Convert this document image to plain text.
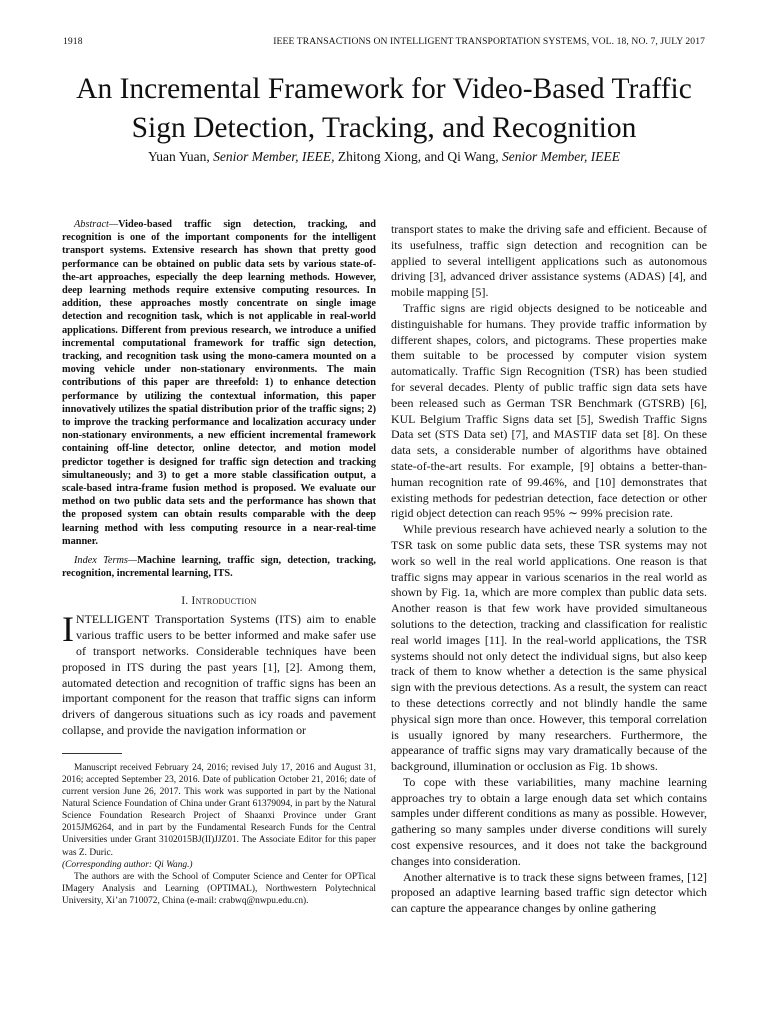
1918	IEEE TRANSACTIONS ON INTELLIGENT TRANSPORTATION SYSTEMS, VOL. 18, NO. 7, JULY 2017
An Incremental Framework for Video-Based Traffic
Sign Detection, Tracking, and Recognition
Yuan Yuan, Senior Member, IEEE, Zhitong Xiong, and Qi Wang, Senior Member, IEEE

Abstract—Video-based traffic sign detection, tracking, and recognition is one of the important components for the intelligent transport systems. Extensive research has shown that pretty good performance can be obtained on public data sets by various state-of-the-art approaches, especially the deep learning methods. However, deep learning methods require extensive computing resources. In addition, these approaches mostly concentrate on single image detection and recognition task, which is not applicable in real-world applications. Different from previous research, we introduce a unified incremental computational framework for traffic sign detection, tracking, and recognition task using the mono-camera mounted on a moving vehicle under non-stationary environments. The main contributions of this paper are threefold: 1) to enhance detection performance by utilizing the contextual information, this paper innovatively utilizes the spatial distribution prior of the traffic signs; 2) to improve the tracking performance and localization accuracy under non-stationary environments, a new efficient incremental framework containing off-line detector, online detector, and motion model predictor together is designed for traffic sign detection and tracking simultaneously; and 3) to get a more stable classification output, a scale-based intra-frame fusion method is proposed. We evaluate our method on two public data sets and the performance has shown that the proposed system can obtain results comparable with the deep learning method with less computing resource in a near-real-time manner.

Index Terms—Machine learning, traffic sign, detection, tracking, recognition, incremental learning, ITS.

I. Introduction

INTELLIGENT Transportation Systems (ITS) aim to enable various traffic users to be better informed and make safer use of transport networks. Considerable techniques have been proposed in ITS during the past years [1], [2]. Among them, automated detection and recognition of traffic signs has been an important component for the reason that traffic signs can inform drivers of dangerous situations such as icy roads and pavement collapse, and provide the navigation information or

Manuscript received February 24, 2016; revised July 17, 2016 and August 31, 2016; accepted September 23, 2016. Date of publication October 21, 2016; date of current version June 26, 2017. This work was supported in part by the National Natural Science Foundation of China under Grant 61379094, in part by the Natural Science Foundation Research Project of Shaanxi Province under Grant 2015JM6264, and in part by the Fundamental Research Funds for the Central Universities under Grant 3102015BJ(II)JJZ01. The Associate Editor for this paper was Z. Duric.
(Corresponding author: Qi Wang.)

The authors are with the School of Computer Science and Center for OPTical IMagery Analysis and Learning (OPTIMAL), Northwestern Polytechnical University, Xi’an 710072, China (e-mail: crabwq@nwpu.edu.cn).

transport states to make the driving safe and efficient. Because of its usefulness, traffic sign detection and recognition can be applied to several intelligent applications such as autonomous driving [3], advanced driver assistance systems (ADAS) [4], and mobile mapping [5].

Traffic signs are rigid objects designed to be noticeable and distinguishable for humans. They provide traffic information by different shapes, colors, and pictograms. These properties make them suitable to be processed by computer vision system automatically. Traffic Sign Recognition (TSR) has been studied for several decades. Plenty of public traffic sign data sets have been released such as German TSR Benchmark (GTSRB) [6], KUL Belgium Traffic Signs data set [5], Swedish Traffic Signs Data set (STS Data set) [7], and MASTIF data set [8]. On these data sets, a considerable number of algorithms have obtained state-of-the-art results. For example, [9] obtains a better-than-human recognition rate of 99.46%, and [10] demonstrates that existing methods for pedestrian detection, face detection or other rigid object detection can reach 95% ∼ 99% precision rate.

While previous research have achieved nearly a solution to the TSR task on some public data sets, these TSR systems may not work so well in the real world applications. One reason is that traffic signs may appear in various scenarios in the real world as shown by Fig. 1a, which are more complex than public data sets. Another reason is that few work have provided simultaneous solutions to the detection, tracking and classification for realistic real world images [11]. In the real-world applications, the TSR systems should not only detect the individual signs, but also keep track of them to know whether a detection is the same physical sign with the previous detections. As a result, the system can react to these detections correctly and not blindly handle the same physical sign more than once. However, this temporal correlation is usually ignored by many researchers. Furthermore, the appearance of traffic signs may vary dramatically because of the background, illumination or occlusion as Fig. 1b shows.

To cope with these variabilities, many machine learning approaches try to obtain a large enough data set which contains samples under different conditions as many as possible. However, gathering so many samples under diverse conditions will surely cost expensive resources, and it does not take the background changes into consideration.

Another alternative is to track these signs between frames, [12] proposed an adaptive learning based traffic sign detector which can capture the appearance changes by online gathering
